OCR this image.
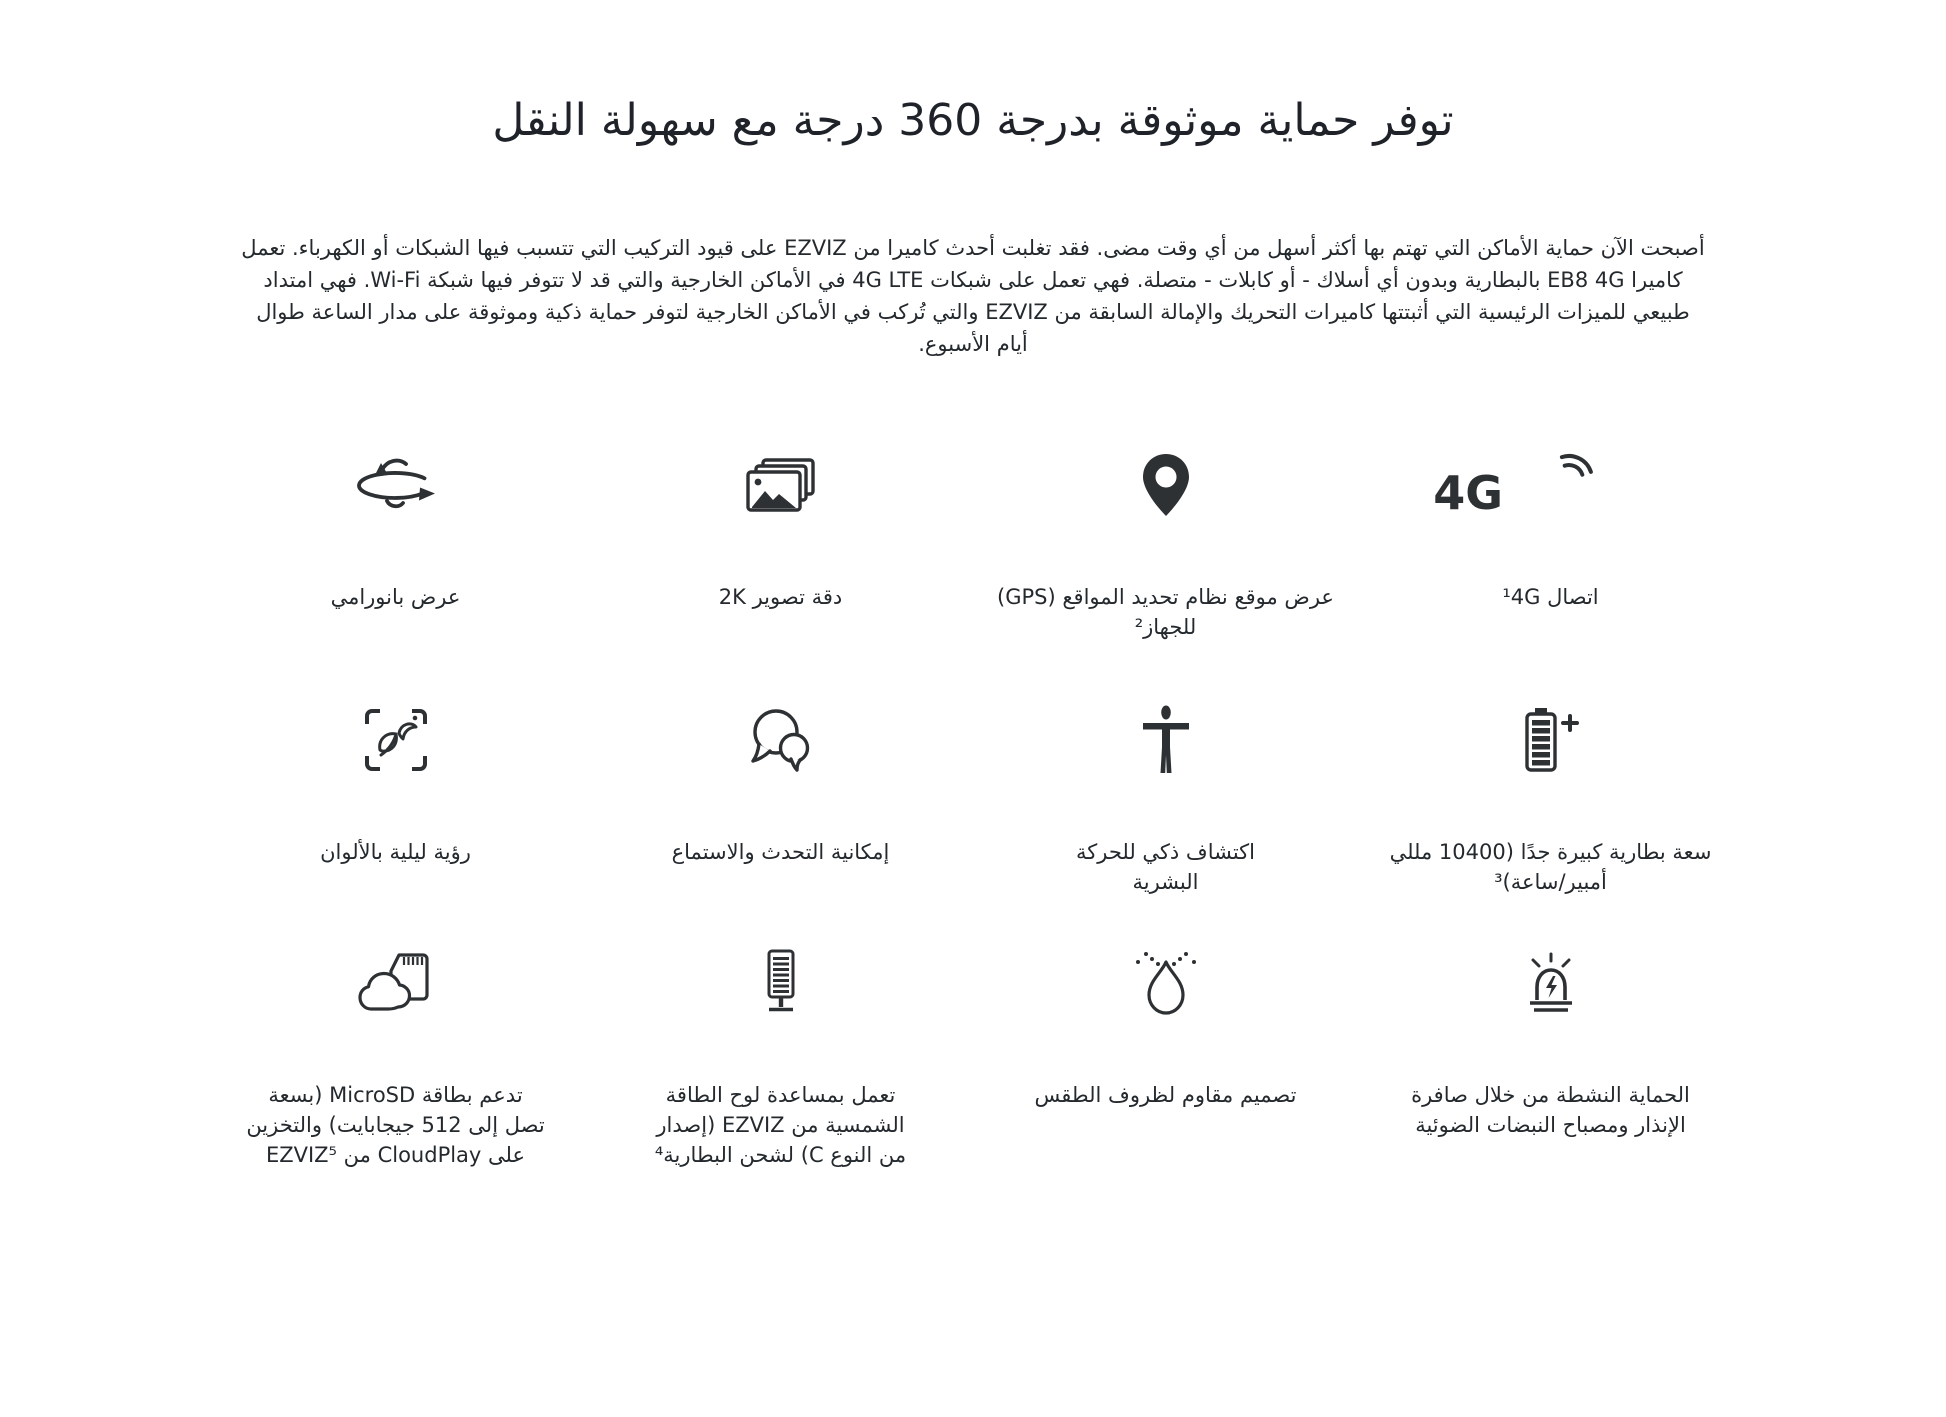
توفر حماية موثوقة بدرجة 360 درجة مع سهولة النقل

أصبحت الآن حماية الأماكن التي تهتم بها أكثر أسهل من أي وقت مضى. فقد تغلبت أحدث كاميرا من EZVIZ على قيود التركيب التي تتسبب فيها الشبكات أو الكهرباء. تعمل كاميرا EB8 4G بالبطارية وبدون أي أسلاك - أو كابلات - متصلة. فهي تعمل على شبكات 4G LTE في الأماكن الخارجية والتي قد لا تتوفر فيها شبكة Wi-Fi. فهي امتداد طبيعي للميزات الرئيسية التي أثبتتها كاميرات التحريك والإمالة السابقة من EZVIZ والتي تُركب في الأماكن الخارجية لتوفر حماية ذكية وموثوقة على مدار الساعة طوال أيام الأسبوع.

4G
اتصال ¹4G
عرض موقع نظام تحديد المواقع (GPS) للجهاز²
دقة تصوير 2K
عرض بانورامي
سعة بطارية كبيرة جدًا (10400 مللي أمبير/ساعة)³
اكتشاف ذكي للحركة البشرية
إمكانية التحدث والاستماع
رؤية ليلية بالألوان
الحماية النشطة من خلال صافرة الإنذار ومصباح النبضات الضوئية
تصميم مقاوم لظروف الطقس
تعمل بمساعدة لوح الطاقة الشمسية من EZVIZ (إصدار من النوع C) لشحن البطارية⁴
تدعم بطاقة MicroSD (بسعة تصل إلى 512 جيجابايت) والتخزين على CloudPlay من EZVIZ⁵
